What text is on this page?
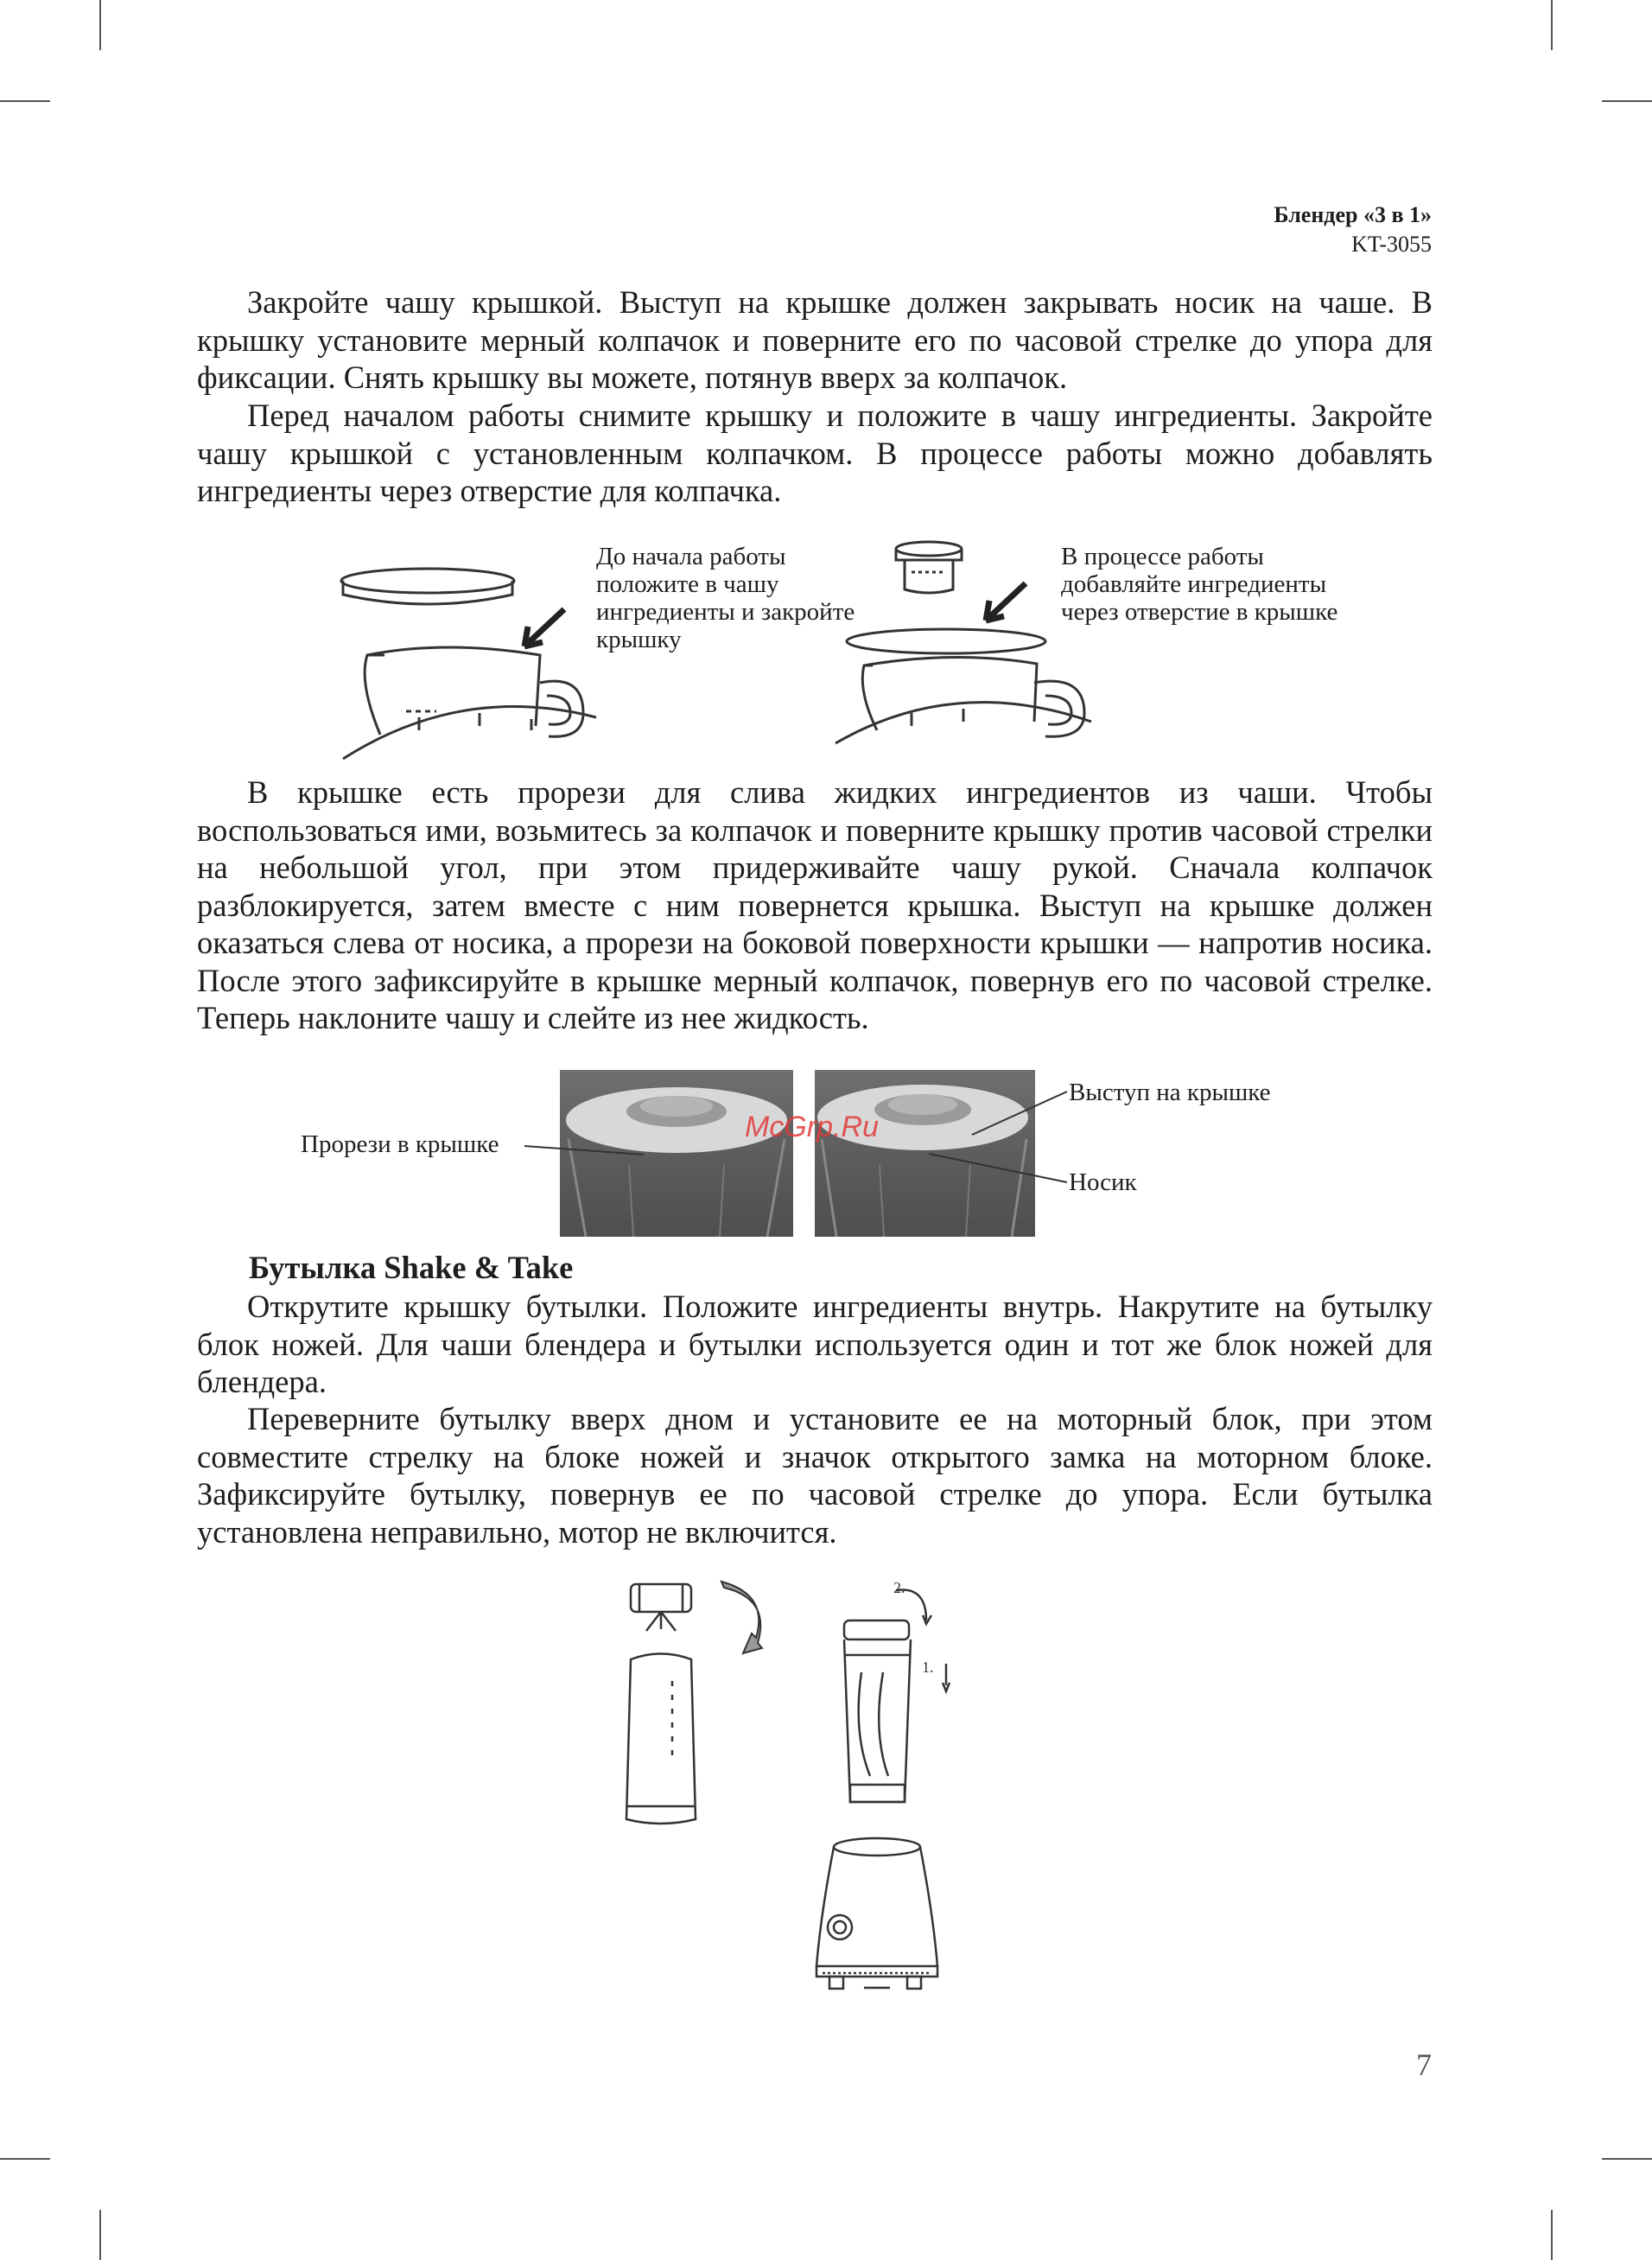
Блендер «3 в 1»
KT-3055

Закройте чашу крышкой. Выступ на крышке должен закрывать носик на чаше. В крышку установите мерный колпачок и поверните его по часовой стрелке до упора для фиксации. Снять крышку вы можете, потянув вверх за колпачок.

Перед началом работы снимите крышку и положите в чашу ингредиенты. Закройте чашу крышкой с установленным колпачком. В процессе работы можно добавлять ингредиенты через отверстие для колпачка.

До начала работы положите в чашу ингредиенты и закройте крышку

В процессе работы добавляйте ингредиенты через отверстие в крышке

В крышке есть прорези для слива жидких ингредиентов из чаши. Чтобы воспользоваться ими, возьмитесь за колпачок и поверните крышку против часовой стрелки на небольшой угол, при этом придерживайте чашу рукой. Сначала колпачок разблокируется, затем вместе с ним повернется крышка. Выступ на крышке должен оказаться слева от носика, а прорези на боковой поверхности крышки — напротив носика. После этого зафиксируйте в крышке мерный колпачок, повернув его по часовой стрелке. Теперь наклоните чашу и слейте из нее жидкость.

Прорези в крышке

Выступ на крышке

Носик

McGrp.Ru

Бутылка Shake & Take

Открутите крышку бутылки. Положите ингредиенты внутрь. Накрутите на бутылку блок ножей. Для чаши блендера и бутылки используется один и тот же блок ножей для блендера.

Переверните бутылку вверх дном и установите ее на моторный блок, при этом совместите стрелку на блоке ножей и значок открытого замка на моторном блоке. Зафиксируйте бутылку, повернув ее по часовой стрелке до упора. Если бутылка установлена неправильно, мотор не включится.

2.
1.
7
